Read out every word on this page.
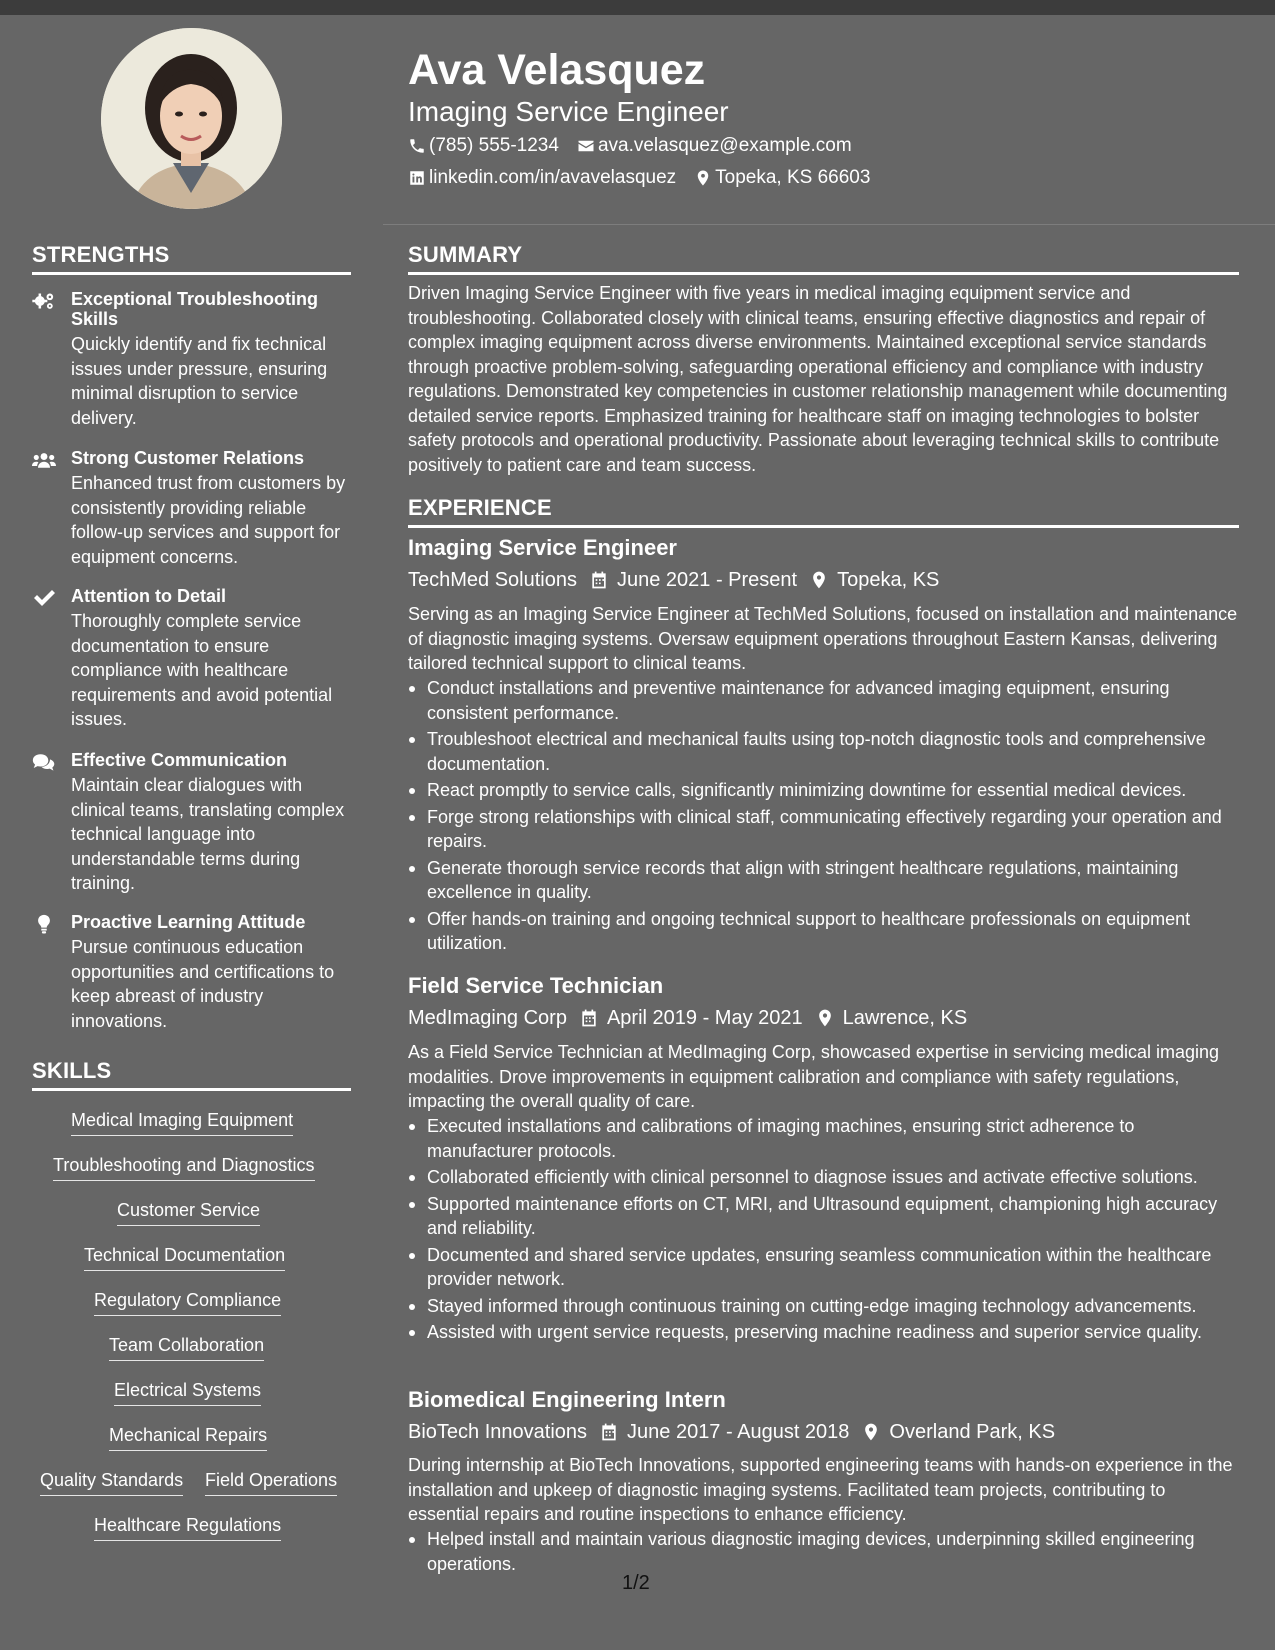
Ava Velasquez
Imaging Service Engineer
(785) 555-1234 ava.velasquez@example.com
linkedin.com/in/avavelasquez Topeka, KS 66603
STRENGTHS
Exceptional Troubleshooting Skills
Quickly identify and fix technical issues under pressure, ensuring minimal disruption to service delivery.
Strong Customer Relations
Enhanced trust from customers by consistently providing reliable follow-up services and support for equipment concerns.
Attention to Detail
Thoroughly complete service documentation to ensure compliance with healthcare requirements and avoid potential issues.
Effective Communication
Maintain clear dialogues with clinical teams, translating complex technical language into understandable terms during training.
Proactive Learning Attitude
Pursue continuous education opportunities and certifications to keep abreast of industry innovations.
SKILLS
Medical Imaging Equipment
Troubleshooting and Diagnostics
Customer Service
Technical Documentation
Regulatory Compliance
Team Collaboration
Electrical Systems
Mechanical Repairs
Quality Standards Field Operations
Healthcare Regulations
SUMMARY
Driven Imaging Service Engineer with five years in medical imaging equipment service and troubleshooting. Collaborated closely with clinical teams, ensuring effective diagnostics and repair of complex imaging equipment across diverse environments. Maintained exceptional service standards through proactive problem-solving, safeguarding operational efficiency and compliance with industry regulations. Demonstrated key competencies in customer relationship management while documenting detailed service reports. Emphasized training for healthcare staff on imaging technologies to bolster safety protocols and operational productivity. Passionate about leveraging technical skills to contribute positively to patient care and team success.
EXPERIENCE
Imaging Service Engineer
TechMed Solutions June 2021 - Present Topeka, KS
Serving as an Imaging Service Engineer at TechMed Solutions, focused on installation and maintenance of diagnostic imaging systems. Oversaw equipment operations throughout Eastern Kansas, delivering tailored technical support to clinical teams.
Conduct installations and preventive maintenance for advanced imaging equipment, ensuring consistent performance.
Troubleshoot electrical and mechanical faults using top-notch diagnostic tools and comprehensive documentation.
React promptly to service calls, significantly minimizing downtime for essential medical devices.
Forge strong relationships with clinical staff, communicating effectively regarding your operation and repairs.
Generate thorough service records that align with stringent healthcare regulations, maintaining excellence in quality.
Offer hands-on training and ongoing technical support to healthcare professionals on equipment utilization.
Field Service Technician
MedImaging Corp April 2019 - May 2021 Lawrence, KS
As a Field Service Technician at MedImaging Corp, showcased expertise in servicing medical imaging modalities. Drove improvements in equipment calibration and compliance with safety regulations, impacting the overall quality of care.
Executed installations and calibrations of imaging machines, ensuring strict adherence to manufacturer protocols.
Collaborated efficiently with clinical personnel to diagnose issues and activate effective solutions.
Supported maintenance efforts on CT, MRI, and Ultrasound equipment, championing high accuracy and reliability.
Documented and shared service updates, ensuring seamless communication within the healthcare provider network.
Stayed informed through continuous training on cutting-edge imaging technology advancements.
Assisted with urgent service requests, preserving machine readiness and superior service quality.
Biomedical Engineering Intern
BioTech Innovations June 2017 - August 2018 Overland Park, KS
During internship at BioTech Innovations, supported engineering teams with hands-on experience in the installation and upkeep of diagnostic imaging systems. Facilitated team projects, contributing to essential repairs and routine inspections to enhance efficiency.
Helped install and maintain various diagnostic imaging devices, underpinning skilled engineering operations.
1/2
